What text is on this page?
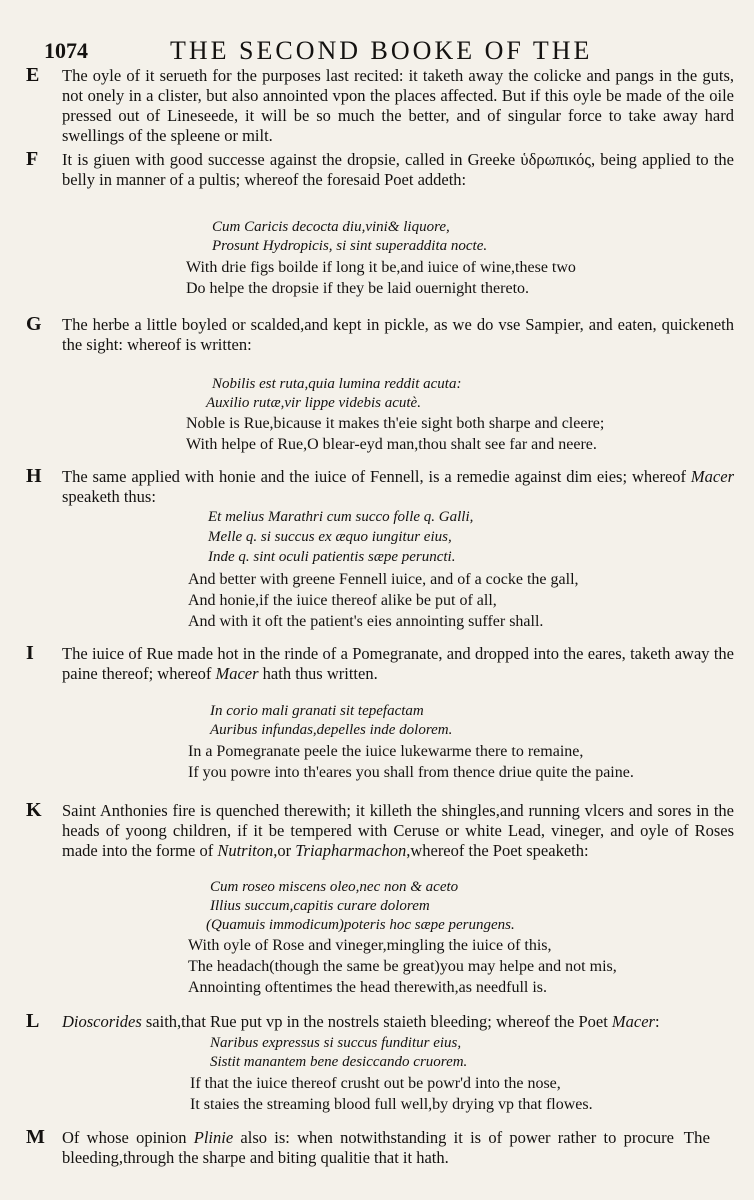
1074	THE SECOND BOOKE OF THE
E The oyle of it serueth for the purposes last recited: it taketh away the colicke and pangs in the guts, not onely in a clister, but also annointed vpon the places affected. But if this oyle be made of the oile pressed out of Lineseede, it will be so much the better, and of singular force to take away hard swellings of the spleene or milt.
F It is giuen with good successe against the dropsie, called in Greeke ὑδρωπικός, being applied to the belly in manner of a pultis; whereof the foresaid Poet addeth:
Cum Caricis decocta diu,vini& liquore,
Prosunt Hydropicis, si sint superaddita nocte.
With drie figs boilde if long it be,and iuice of wine,these two
Do helpe the dropsie if they be laid ouernight thereto.
G The herbe a little boyled or scalded,and kept in pickle, as we do vse Sampier, and eaten, quickeneth the sight: whereof is written:
Nobilis est ruta,quia lumina reddit acuta:
Auxilio rutæ,vir lippe videbis acutè.
Noble is Rue,bicause it makes th'eie sight both sharpe and cleere;
With helpe of Rue,O blear-eyd man,thou shalt see far and neere.
H The same applied with honie and the iuice of Fennell, is a remedie against dim eies; whereof Macer speaketh thus:
Et melius Marathri cum succo folle q. Galli,
Melle q. si succus ex æquo iungitur eius,
Inde q. sint oculi patientis sæpe peruncti.
And better with greene Fennell iuice, and of a cocke the gall,
And honie,if the iuice thereof alike be put of all,
And with it oft the patient's eies annointing suffer shall.
I The iuice of Rue made hot in the rinde of a Pomegranate, and dropped into the eares, taketh away the paine thereof; whereof Macer hath thus written.
In corio mali granati sit tepefactam
Auribus infundas,depelles inde dolorem.
In a Pomegranate peele the iuice lukewarme there to remaine,
If you powre into th'eares you shall from thence driue quite the paine.
K Saint Anthonies fire is quenched therewith; it killeth the shingles,and running vlcers and sores in the heads of yoong children, if it be tempered with Ceruse or white Lead, vineger, and oyle of Roses made into the forme of Nutriton,or Triapharmachon,whereof the Poet speaketh:
Cum roseo miscens oleo,nec non & aceto
Illius succum,capitis curare dolorem
(Quamuis immodicum)poteris hoc sæpe perungens.
With oyle of Rose and vineger,mingling the iuice of this,
The headach(though the same be great)you may helpe and not mis,
Annointing oftentimes the head therewith,as needfull is.
L Dioscorides saith,that Rue put vp in the nostrels staieth bleeding; whereof the Poet Macer:
Naribus expressus si succus funditur eius,
Sistit manantem bene desiccando cruorem.
If that the iuice thereof crusht out be powr'd into the nose,
It staies the streaming blood full well,by drying vp that flowes.
M Of whose opinion Plinie also is: when notwithstanding it is of power rather to procure bleeding,through the sharpe and biting qualitie that it hath.
The
